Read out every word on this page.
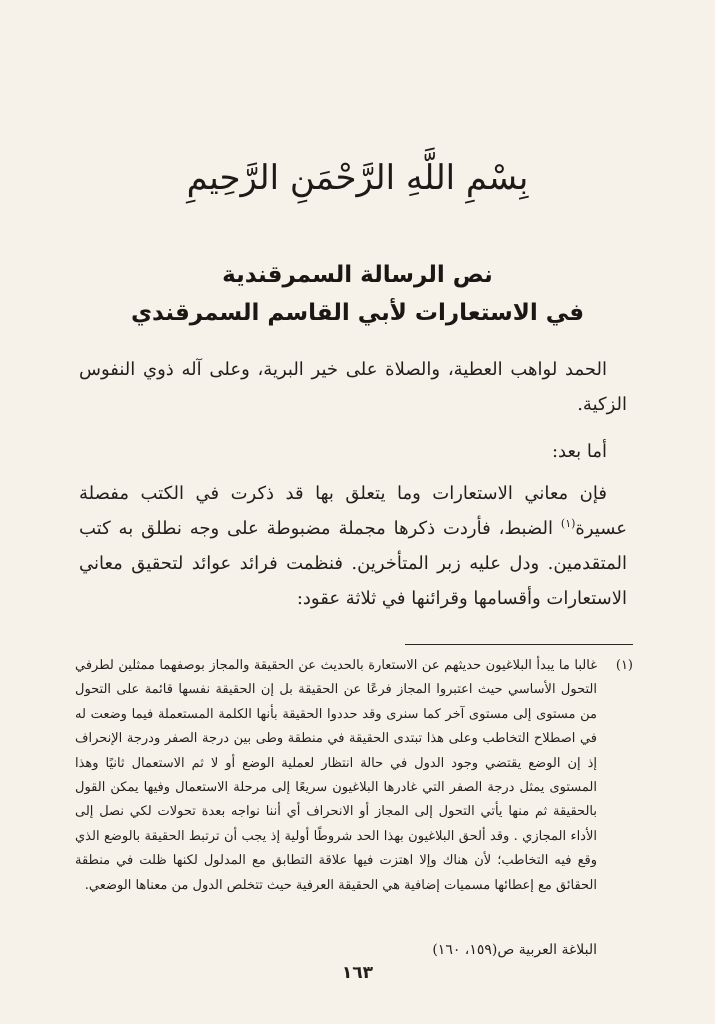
بِسْمِ اللَّهِ الرَّحْمَنِ الرَّحِيمِ
نص الرسالة السمرقندية
في الاستعارات لأبي القاسم السمرقندي
الحمد لواهب العطية، والصلاة على خير البرية، وعلى آله ذوي النفوس الزكية.
أما بعد:
فإن معاني الاستعارات وما يتعلق بها قد ذكرت في الكتب مفصلة عسيرة$^{(١)}$ الضبط، فأردت ذكرها مجملة مضبوطة على وجه نطلق به كتب المتقدمين. ودل عليه زبر المتأخرين. فنظمت فرائد عوائد لتحقيق معاني الاستعارات وأقسامها وقرائنها في ثلاثة عقود:
(١)
غالبا ما يبدأ البلاغيون حديثهم عن الاستعارة بالحديث عن الحقيقة والمجاز بوصفهما ممثلين لطرفي التحول الأساسي حيث اعتبروا المجاز فرعًا عن الحقيقة بل إن الحقيقة نفسها قائمة على التحول من مستوى إلى مستوى آخر كما سنرى وقد حددوا الحقيقة بأنها الكلمة المستعملة فيما وضعت له في اصطلاح التخاطب وعلى هذا تبتدى الحقيقة في منطقة وطى بين درجة الصفر ودرجة الإنحراف إذ إن الوضع يقتضي وجود الدول في حالة انتظار لعملية الوضع أو لا ثم الاستعمال ثانيًا وهذا المستوى يمثل درجة الصفر التي غادرها البلاغيون سريعًا إلى مرحلة الاستعمال وفيها يمكن القول بالحقيقة ثم منها يأتي التحول إلى المجاز أو الانحراف أي أننا نواجه بعدة تحولات لكي نصل إلى الأداء المجازي . وقد ألحق البلاغيون بهذا الحد شروطًا أولية إذ يجب أن ترتبط الحقيقة بالوضع الذي وقع فيه التخاطب؛ لأن هناك وإلا اهتزت فيها علاقة التطابق مع المدلول لكنها ظلت في منطقة الحقائق مع إعطائها مسميات إضافية هي الحقيقة العرفية حيث تتخلص الدول من معناها الوضعي.
البلاغة العربية ص(١٥٩، ١٦٠)
١٦٣
